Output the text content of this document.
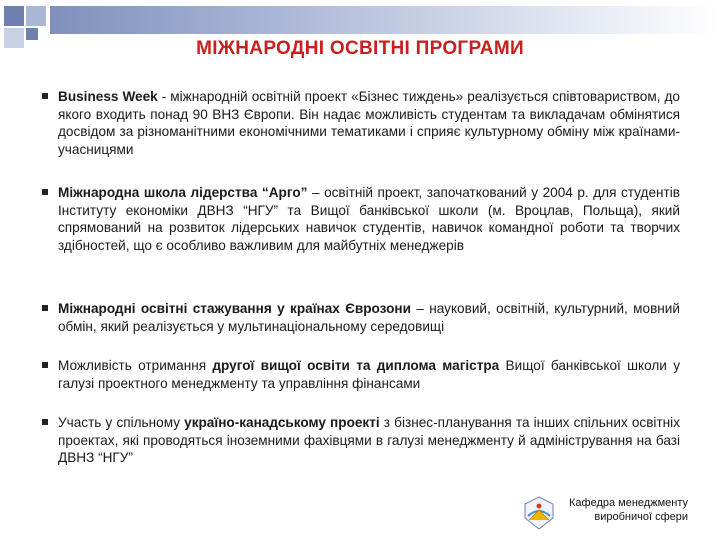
МІЖНАРОДНІ ОСВІТНІ ПРОГРАМИ
Business Week - міжнародній освітній проект «Бізнес тиждень» реалізується співтовариством, до якого входить понад 90 ВНЗ Європи. Він надає можливість студентам та викладачам обмінятися досвідом за різноманітними економічними тематиками і сприяє культурному обміну між країнами-учасницями
Міжнародна школа лідерства “Арго” – освітній проект, започаткований у 2004 р. для студентів Інституту економіки ДВНЗ “НГУ” та Вищої банківської школи (м. Вроцлав, Польща), який спрямований на розвиток лідерських навичок студентів, навичок командної роботи та творчих здібностей, що є особливо важливим для майбутніх менеджерів
Міжнародні освітні стажування у країнах Єврозони – науковий, освітній, культурний, мовний обмін, який реалізується у мультинаціональному середовищі
Можливість отримання другої вищої освіти та диплома магістра Вищої банківської школи у галузі проектного менеджменту та управління фінансами
Участь у спільному україно-канадському проекті з бізнес-планування та інших спільних освітніх проектах, які проводяться іноземними фахівцями в галузі менеджменту й адміністрування на базі ДВНЗ “НГУ”
Кафедра менеджменту
виробничої сфери
